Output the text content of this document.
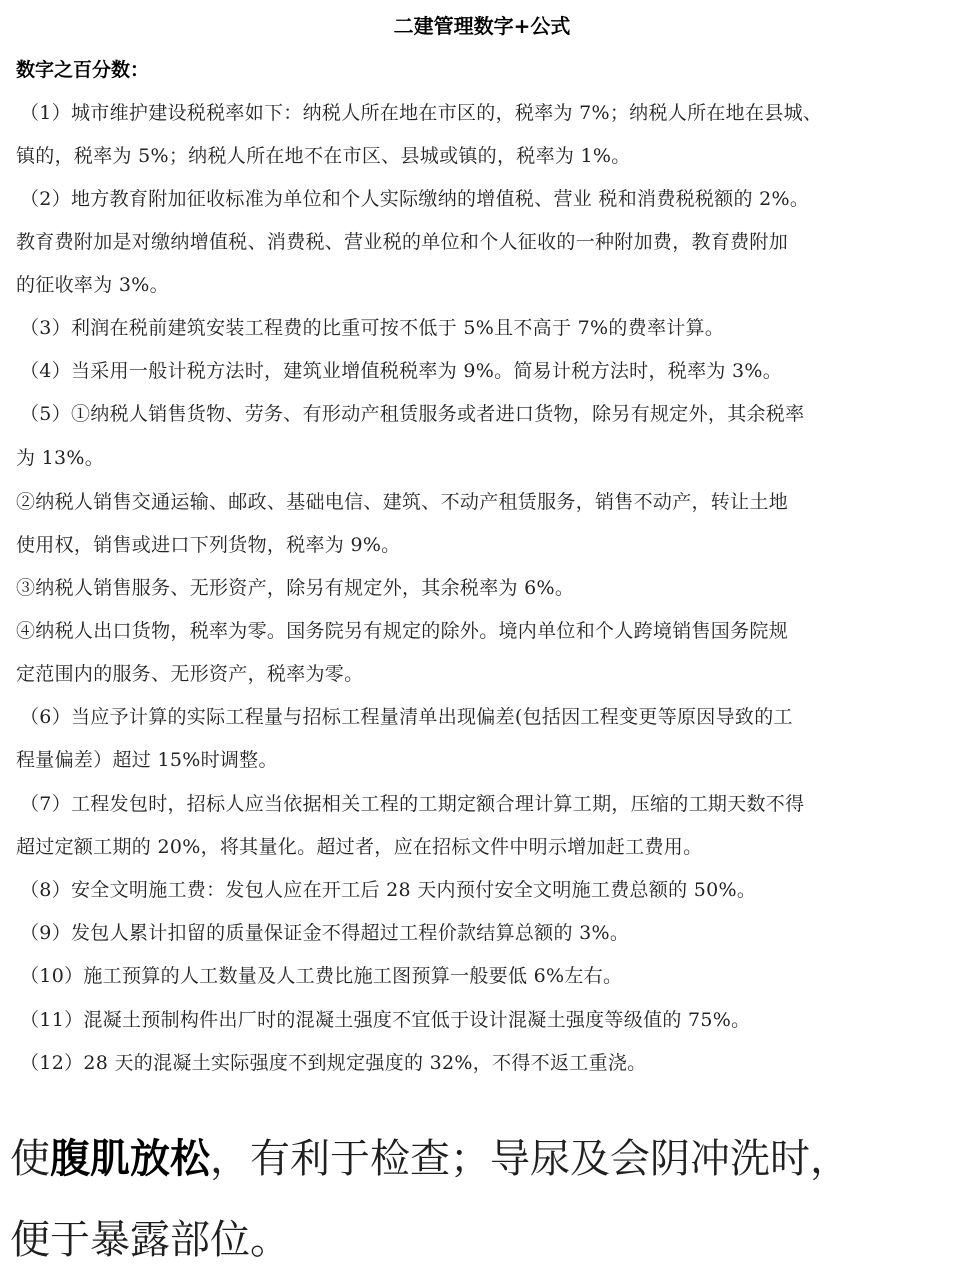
二建管理数字+公式
数字之百分数：
（1）城市维护建设税税率如下：纳税人所在地在市区的，税率为 7%；纳税人所在地在县城、
镇的，税率为 5%；纳税人所在地不在市区、县城或镇的，税率为 1%。
（2）地方教育附加征收标准为单位和个人实际缴纳的增值税、营业 税和消费税税额的 2%。
教育费附加是对缴纳增值税、消费税、营业税的单位和个人征收的一种附加费，教育费附加
的征收率为 3%。
（3）利润在税前建筑安装工程费的比重可按不低于 5%且不高于 7%的费率计算。
（4）当采用一般计税方法时，建筑业增值税税率为 9%。简易计税方法时，税率为 3%。
（5）①纳税人销售货物、劳务、有形动产租赁服务或者进口货物，除另有规定外，其余税率
为 13%。
②纳税人销售交通运输、邮政、基础电信、建筑、不动产租赁服务，销售不动产，转让土地
使用权，销售或进口下列货物，税率为 9%。
③纳税人销售服务、无形资产，除另有规定外，其余税率为 6%。
④纳税人出口货物，税率为零。国务院另有规定的除外。境内单位和个人跨境销售国务院规
定范围内的服务、无形资产，税率为零。
（6）当应予计算的实际工程量与招标工程量清单出现偏差(包括因工程变更等原因导致的工
程量偏差）超过 15%时调整。
（7）工程发包时，招标人应当依据相关工程的工期定额合理计算工期，压缩的工期天数不得
超过定额工期的 20%，将其量化。超过者，应在招标文件中明示增加赶工费用。
（8）安全文明施工费：发包人应在开工后 28 天内预付安全文明施工费总额的 50%。
（9）发包人累计扣留的质量保证金不得超过工程价款结算总额的 3%。
（10）施工预算的人工数量及人工费比施工图预算一般要低 6%左右。
（11）混凝土预制构件出厂时的混凝土强度不宜低于设计混凝土强度等级值的 75%。
（12）28 天的混凝土实际强度不到规定强度的 32%，不得不返工重浇。
使腹肌放松，有利于检查；导尿及会阴冲洗时，
便于暴露部位。
